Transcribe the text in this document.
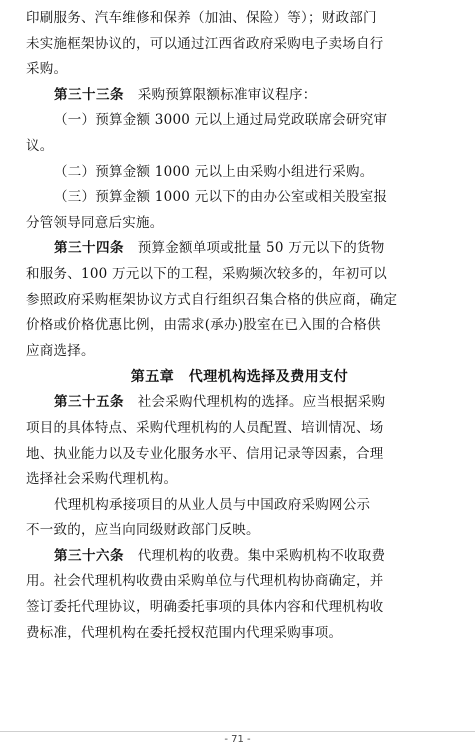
印刷服务、汽车维修和保养（加油、保险）等）；财政部门
未实施框架协议的，可以通过江西省政府采购电子卖场自行
采购。
第三十三条　 采购预算限额标准审议程序：
（一）预算金额 3000 元以上通过局党政联席会研究审
议。
（二）预算金额 1000 元以上由采购小组进行采购。
（三）预算金额 1000 元以下的由办公室或相关股室报
分管领导同意后实施。
第三十四条　 预算金额单项或批量 50 万元以下的货物
和服务、100 万元以下的工程，采购频次较多的，年初可以
参照政府采购框架协议方式自行组织召集合格的供应商，确定
价格或价格优惠比例，由需求(承办)股室在已入围的合格供
应商选择。
第五章　代理机构选择及费用支付
第三十五条　 社会采购代理机构的选择。应当根据采购
项目的具体特点、采购代理机构的人员配置、培训情况、场
地、执业能力以及专业化服务水平、信用记录等因素，合理
选择社会采购代理机构。
代理机构承接项目的从业人员与中国政府采购网公示
不一致的，应当向同级财政部门反映。
第三十六条　 代理机构的收费。集中采购机构不收取费
用。社会代理机构收费由采购单位与代理机构协商确定，并
签订委托代理协议，明确委托事项的具体内容和代理机构收
费标准，代理机构在委托授权范围内代理采购事项。
- 71 -
